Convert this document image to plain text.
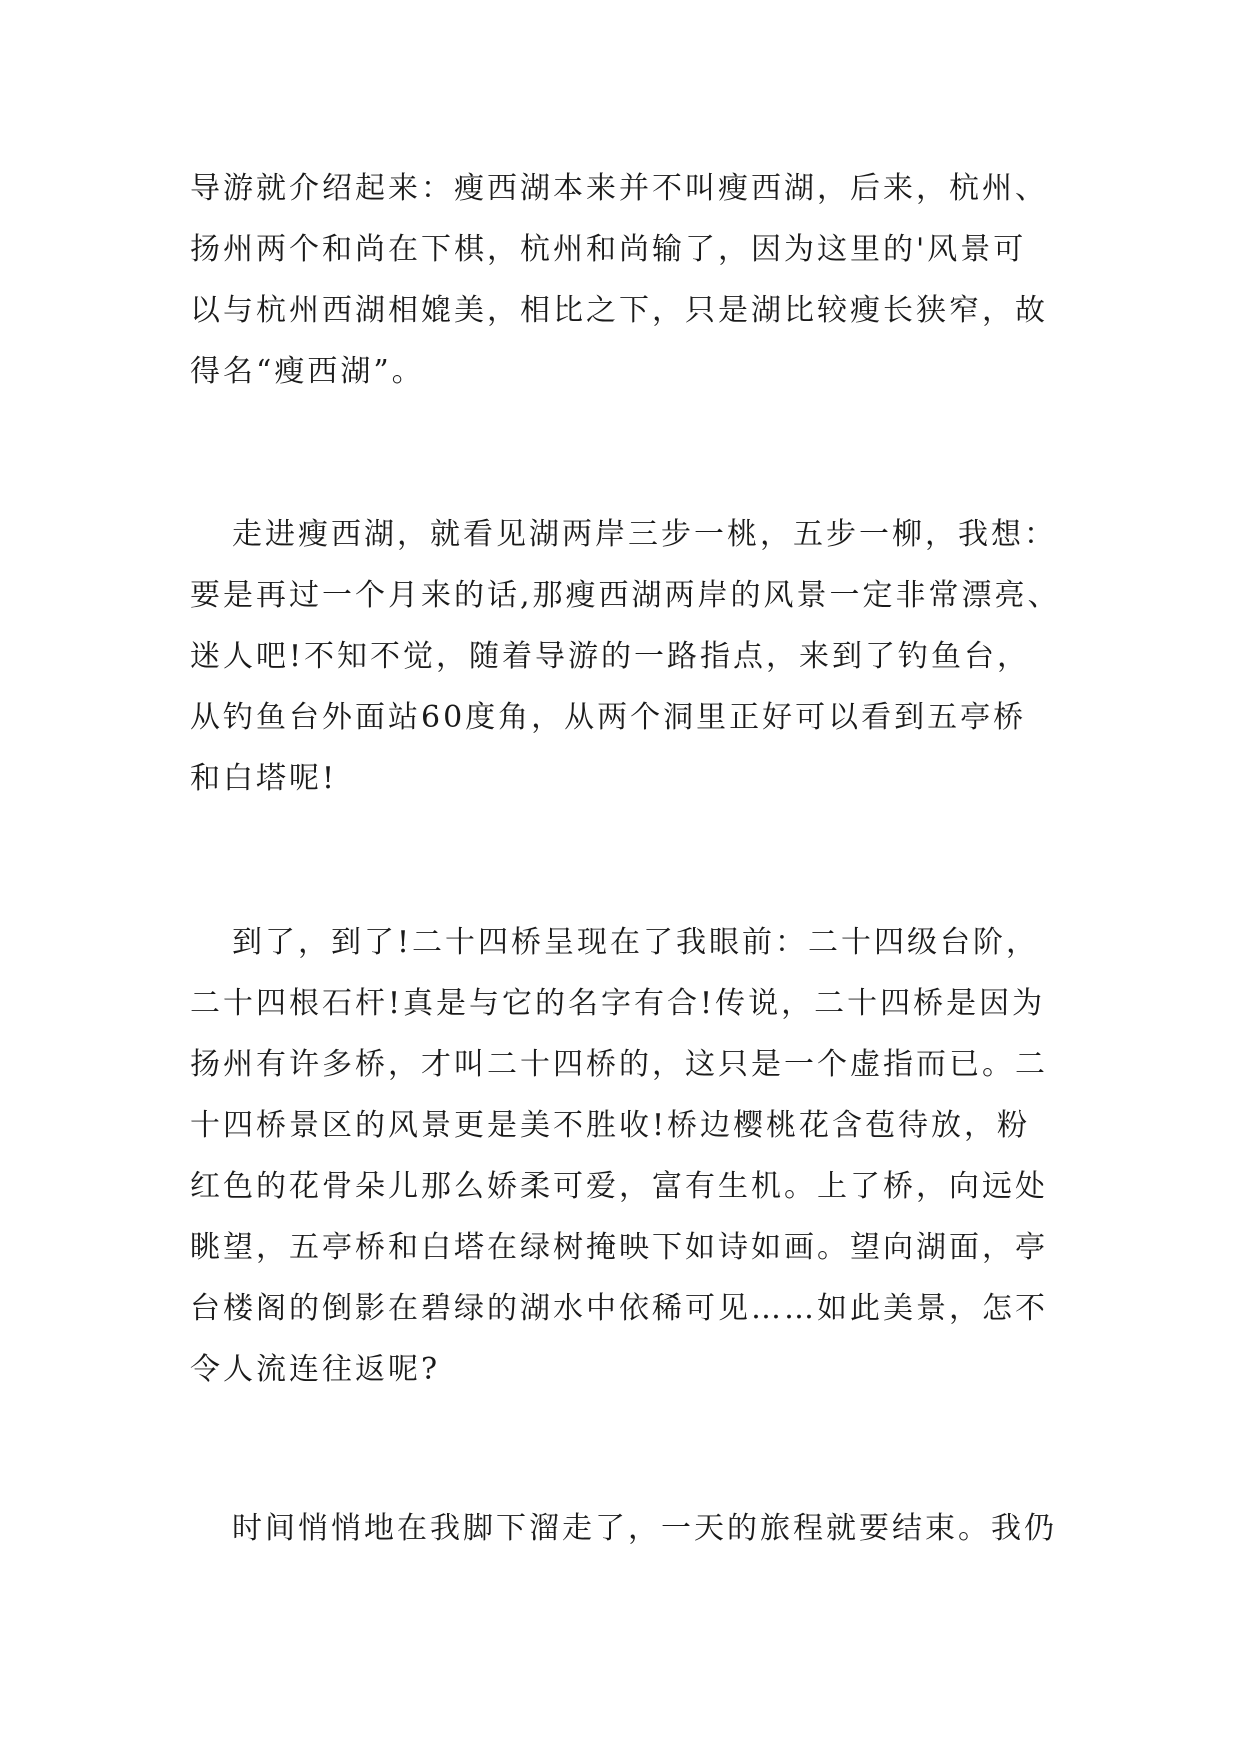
导游就介绍起来：瘦西湖本来并不叫瘦西湖，后来，杭州、
扬州两个和尚在下棋，杭州和尚输了，因为这里的'风景可
以与杭州西湖相媲美，相比之下，只是湖比较瘦长狭窄，故
得名“瘦西湖”。

走进瘦西湖，就看见湖两岸三步一桃，五步一柳，我想：
要是再过一个月来的话,那瘦西湖两岸的风景一定非常漂亮、
迷人吧!不知不觉，随着导游的一路指点，来到了钓鱼台，
从钓鱼台外面站60度角，从两个洞里正好可以看到五亭桥
和白塔呢!

到了，到了!二十四桥呈现在了我眼前：二十四级台阶，
二十四根石杆!真是与它的名字有合!传说，二十四桥是因为
扬州有许多桥，才叫二十四桥的，这只是一个虚指而已。二
十四桥景区的风景更是美不胜收!桥边樱桃花含苞待放，粉
红色的花骨朵儿那么娇柔可爱，富有生机。上了桥，向远处
眺望，五亭桥和白塔在绿树掩映下如诗如画。望向湖面，亭
台楼阁的倒影在碧绿的湖水中依稀可见……如此美景，怎不
令人流连往返呢?

时间悄悄地在我脚下溜走了，一天的旅程就要结束。我仍
